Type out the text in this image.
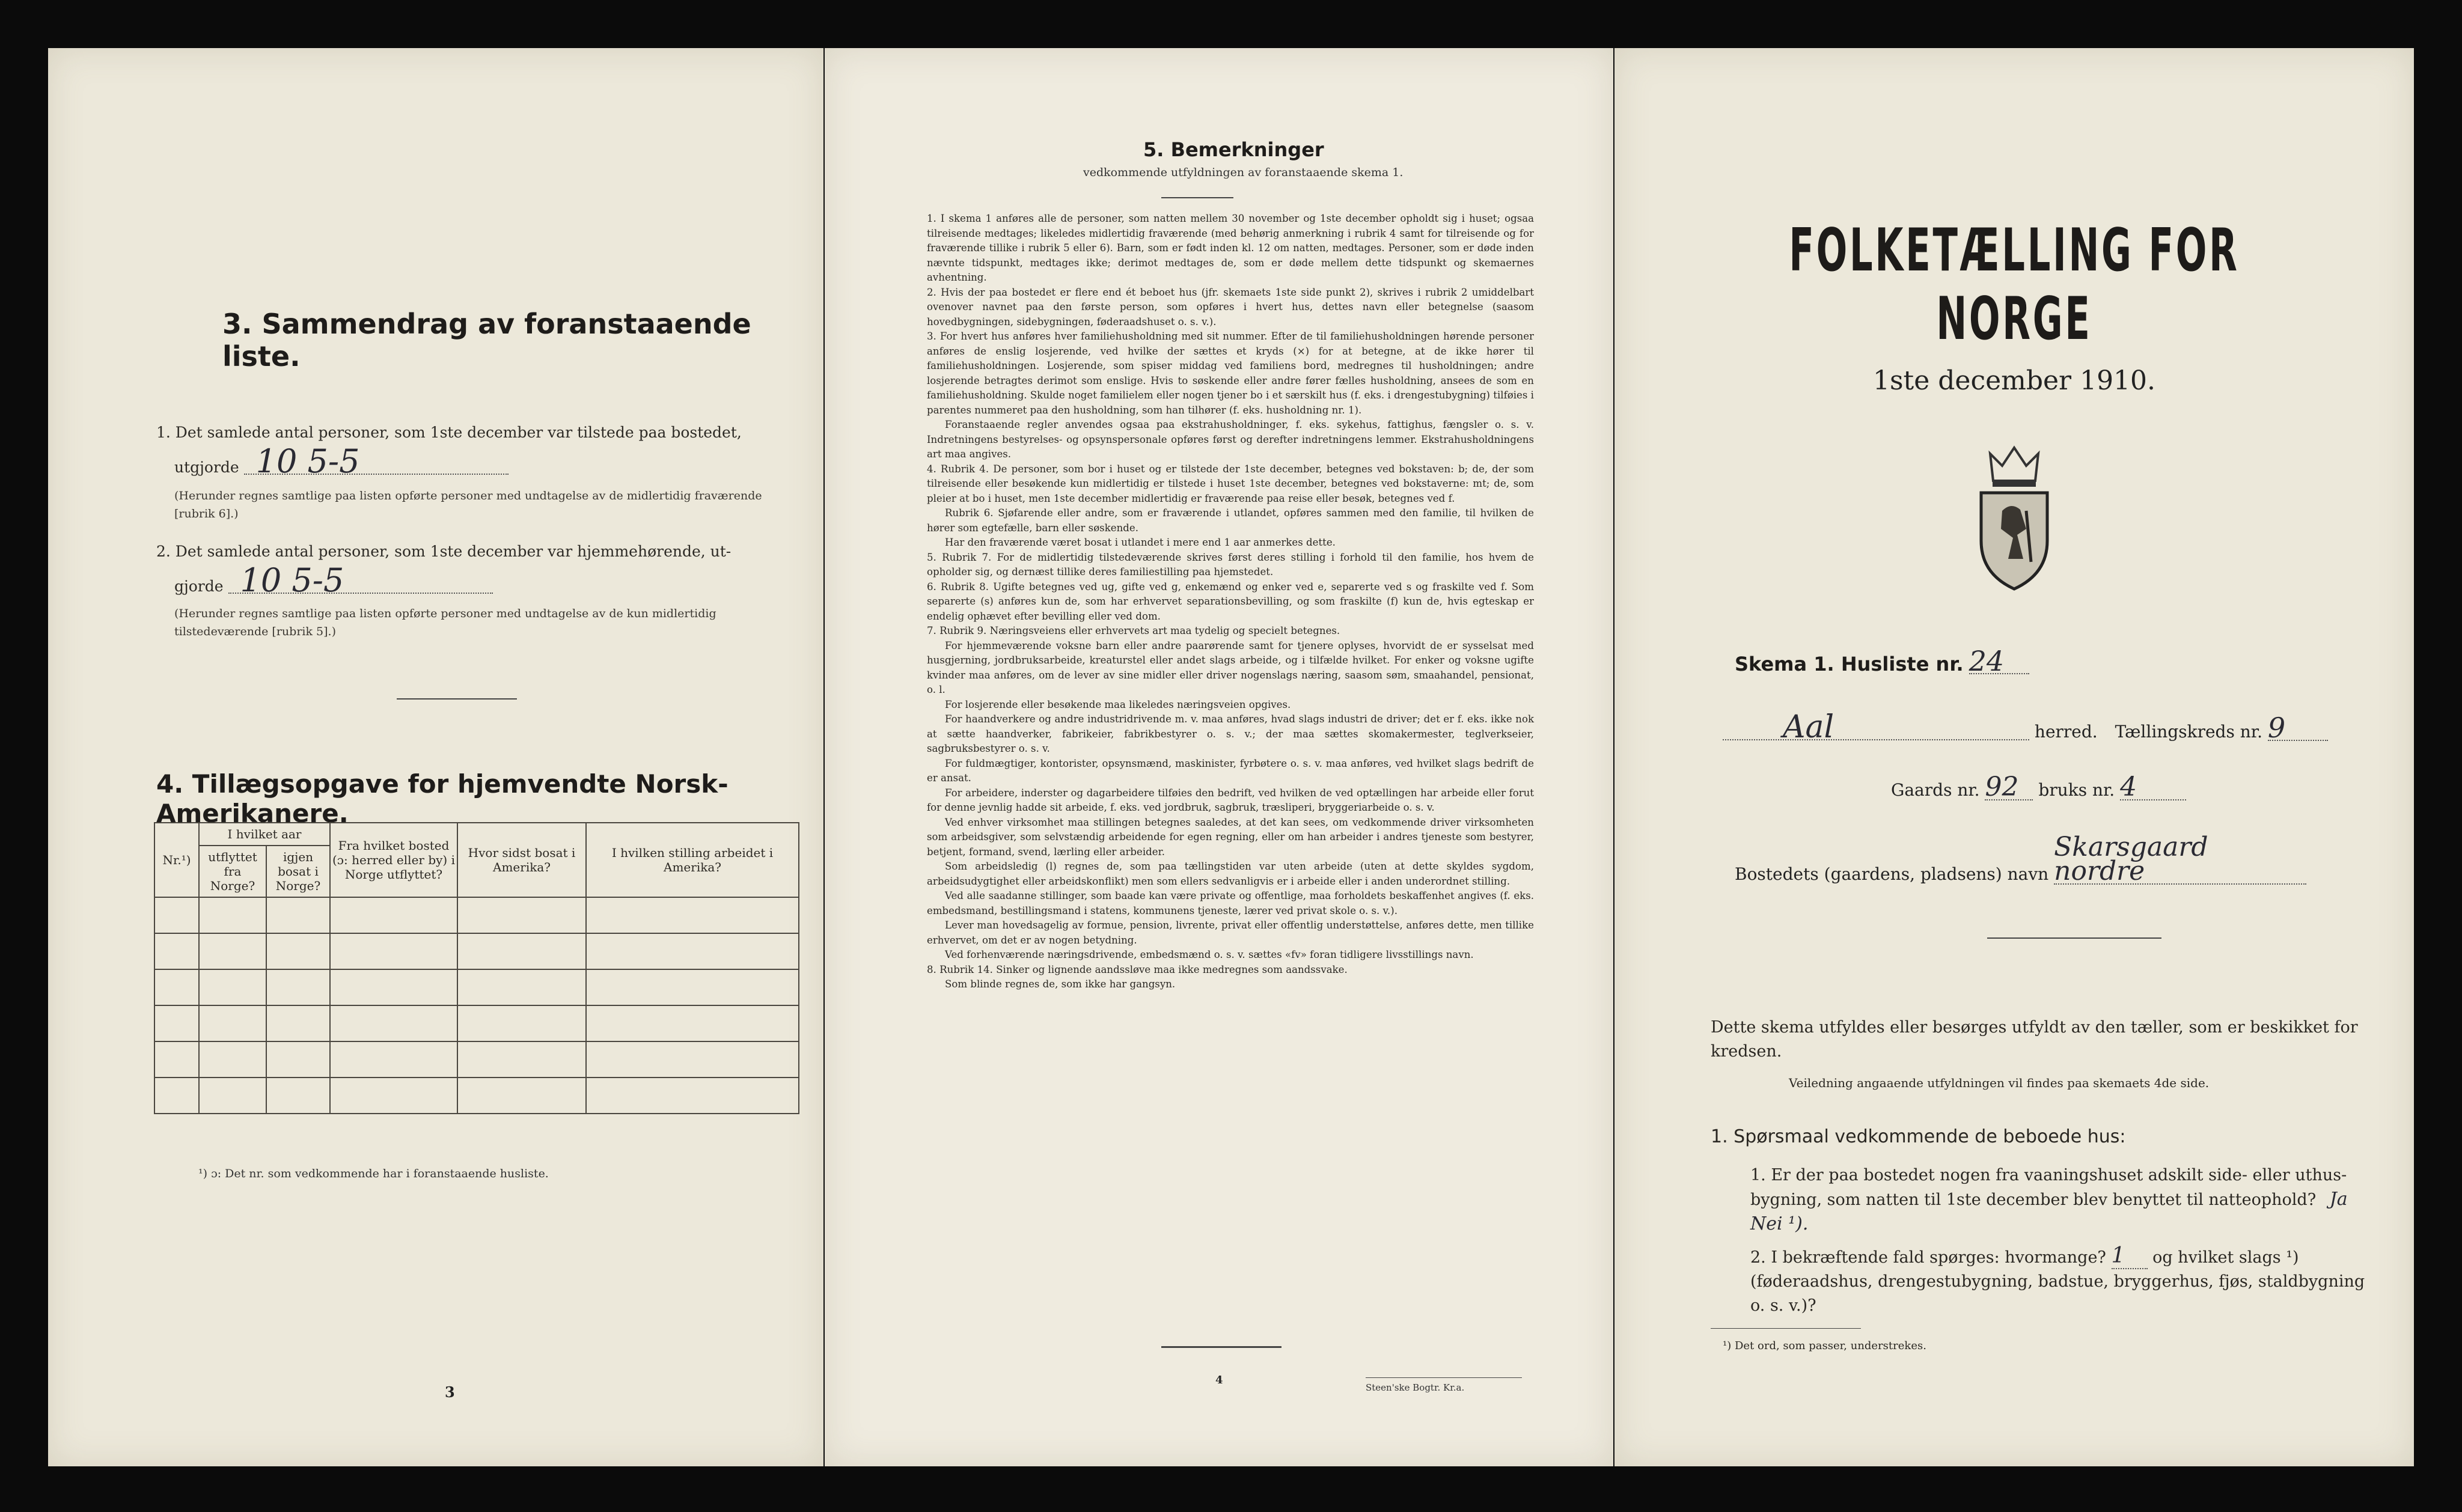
3. Sammendrag av foranstaaende liste.
1. Det samlede antal personer, som 1ste december var tilstede paa bostedet,
utgjorde 10 5-5
(Herunder regnes samtlige paa listen opførte personer med undtagelse av de midlertidig fraværende [rubrik 6].)
2. Det samlede antal personer, som 1ste december var hjemmehørende, ut-
gjorde 10 5-5
(Herunder regnes samtlige paa listen opførte personer med undtagelse av de kun midlertidig tilstedeværende [rubrik 5].)
4. Tillægsopgave for hjemvendte Norsk-Amerikanere.
Nr.¹)	I hvilket aar		Fra hvilket bosted (ɔ: herred eller by) i Norge utflyttet?	Hvor sidst bosat i Amerika?	I hvilken stilling arbeidet i Amerika?
	utflyttet fra Norge?	igjen bosat i Norge?			

¹) ɔ: Det nr. som vedkommende har i foranstaaende husliste.
3
5. Bemerkninger
vedkommende utfyldningen av foranstaaende skema 1.

1. I skema 1 anføres alle de personer, som natten mellem 30 november og 1ste december opholdt sig i huset; ogsaa tilreisende medtages; likeledes midlertidig fraværende (med behørig anmerkning i rubrik 4 samt for tilreisende og for fraværende tillike i rubrik 5 eller 6). Barn, som er født inden kl. 12 om natten, medtages. Personer, som er døde inden nævnte tidspunkt, medtages ikke; derimot medtages de, som er døde mellem dette tidspunkt og skemaernes avhentning.

2. Hvis der paa bostedet er flere end ét beboet hus (jfr. skemaets 1ste side punkt 2), skrives i rubrik 2 umiddelbart ovenover navnet paa den første person, som opføres i hvert hus, dettes navn eller betegnelse (saasom hovedbygningen, sidebygningen, føderaadshuset o. s. v.).

3. For hvert hus anføres hver familiehusholdning med sit nummer. Efter de til familiehusholdningen hørende personer anføres de enslig losjerende, ved hvilke der sættes et kryds (×) for at betegne, at de ikke hører til familiehusholdningen. Losjerende, som spiser middag ved familiens bord, medregnes til husholdningen; andre losjerende betragtes derimot som enslige. Hvis to søskende eller andre fører fælles husholdning, ansees de som en familiehusholdning. Skulde noget familielem eller nogen tjener bo i et særskilt hus (f. eks. i drengestubygning) tilføies i parentes nummeret paa den husholdning, som han tilhører (f. eks. husholdning nr. 1).

Foranstaaende regler anvendes ogsaa paa ekstrahusholdninger, f. eks. sykehus, fattighus, fængsler o. s. v. Indretningens bestyrelses- og opsynspersonale opføres først og derefter indretningens lemmer. Ekstrahusholdningens art maa angives.

4. Rubrik 4. De personer, som bor i huset og er tilstede der 1ste december, betegnes ved bokstaven: b; de, der som tilreisende eller besøkende kun midlertidig er tilstede i huset 1ste december, betegnes ved bokstaverne: mt; de, som pleier at bo i huset, men 1ste december midlertidig er fraværende paa reise eller besøk, betegnes ved f.

Rubrik 6. Sjøfarende eller andre, som er fraværende i utlandet, opføres sammen med den familie, til hvilken de hører som egtefælle, barn eller søskende.

Har den fraværende været bosat i utlandet i mere end 1 aar anmerkes dette.

5. Rubrik 7. For de midlertidig tilstedeværende skrives først deres stilling i forhold til den familie, hos hvem de opholder sig, og dernæst tillike deres familiestilling paa hjemstedet.

6. Rubrik 8. Ugifte betegnes ved ug, gifte ved g, enkemænd og enker ved e, separerte ved s og fraskilte ved f. Som separerte (s) anføres kun de, som har erhvervet separationsbevilling, og som fraskilte (f) kun de, hvis egteskap er endelig ophævet efter bevilling eller ved dom.

7. Rubrik 9. Næringsveiens eller erhvervets art maa tydelig og specielt betegnes.

For hjemmeværende voksne barn eller andre paarørende samt for tjenere oplyses, hvorvidt de er sysselsat med husgjerning, jordbruksarbeide, kreaturstel eller andet slags arbeide, og i tilfælde hvilket. For enker og voksne ugifte kvinder maa anføres, om de lever av sine midler eller driver nogenslags næring, saasom søm, smaahandel, pensionat, o. l.

For losjerende eller besøkende maa likeledes næringsveien opgives.

For haandverkere og andre industridrivende m. v. maa anføres, hvad slags industri de driver; det er f. eks. ikke nok at sætte haandverker, fabrikeier, fabrikbestyrer o. s. v.; der maa sættes skomakermester, teglverkseier, sagbruksbestyrer o. s. v.

For fuldmægtiger, kontorister, opsynsmænd, maskinister, fyrbøtere o. s. v. maa anføres, ved hvilket slags bedrift de er ansat.

For arbeidere, inderster og dagarbeidere tilføies den bedrift, ved hvilken de ved optællingen har arbeide eller forut for denne jevnlig hadde sit arbeide, f. eks. ved jordbruk, sagbruk, træsliperi, bryggeriarbeide o. s. v.

Ved enhver virksomhet maa stillingen betegnes saaledes, at det kan sees, om vedkommende driver virksomheten som arbeidsgiver, som selvstændig arbeidende for egen regning, eller om han arbeider i andres tjeneste som bestyrer, betjent, formand, svend, lærling eller arbeider.

Som arbeidsledig (l) regnes de, som paa tællingstiden var uten arbeide (uten at dette skyldes sygdom, arbeidsudygtighet eller arbeidskonflikt) men som ellers sedvanligvis er i arbeide eller i anden underordnet stilling.

Ved alle saadanne stillinger, som baade kan være private og offentlige, maa forholdets beskaffenhet angives (f. eks. embedsmand, bestillingsmand i statens, kommunens tjeneste, lærer ved privat skole o. s. v.).

Lever man hovedsagelig av formue, pension, livrente, privat eller offentlig understøttelse, anføres dette, men tillike erhvervet, om det er av nogen betydning.

Ved forhenværende næringsdrivende, embedsmænd o. s. v. sættes «fv» foran tidligere livsstillings navn.

8. Rubrik 14. Sinker og lignende aandssløve maa ikke medregnes som aandssvake.

Som blinde regnes de, som ikke har gangsyn.

4
Steen'ske Bogtr. Kr.a.
FOLKETÆLLING FOR NORGE
1ste december 1910.
Skema 1. Husliste nr. 24
Aal	herred. Tællingskreds nr. 9
Gaards nr. 92 bruks nr. 4
Bostedets (gaardens, pladsens) navn Skarsgaard nordre
Dette skema utfyldes eller besørges utfyldt av den tæller, som er beskikket for kredsen.
Veiledning angaaende utfyldningen vil findes paa skemaets 4de side.
1. Spørsmaal vedkommende de beboede hus:
1. Er der paa bostedet nogen fra vaaningshuset adskilt side- eller uthus-bygning, som natten til 1ste december blev benyttet til natteophold? Ja Nei ¹).
2. I bekræftende fald spørges: hvormange? 1 og hvilket slags ¹) (føderaadshus, drengestubygning, badstue, bryggerhus, fjøs, staldbygning o. s. v.)?
¹) Det ord, som passer, understrekes.
